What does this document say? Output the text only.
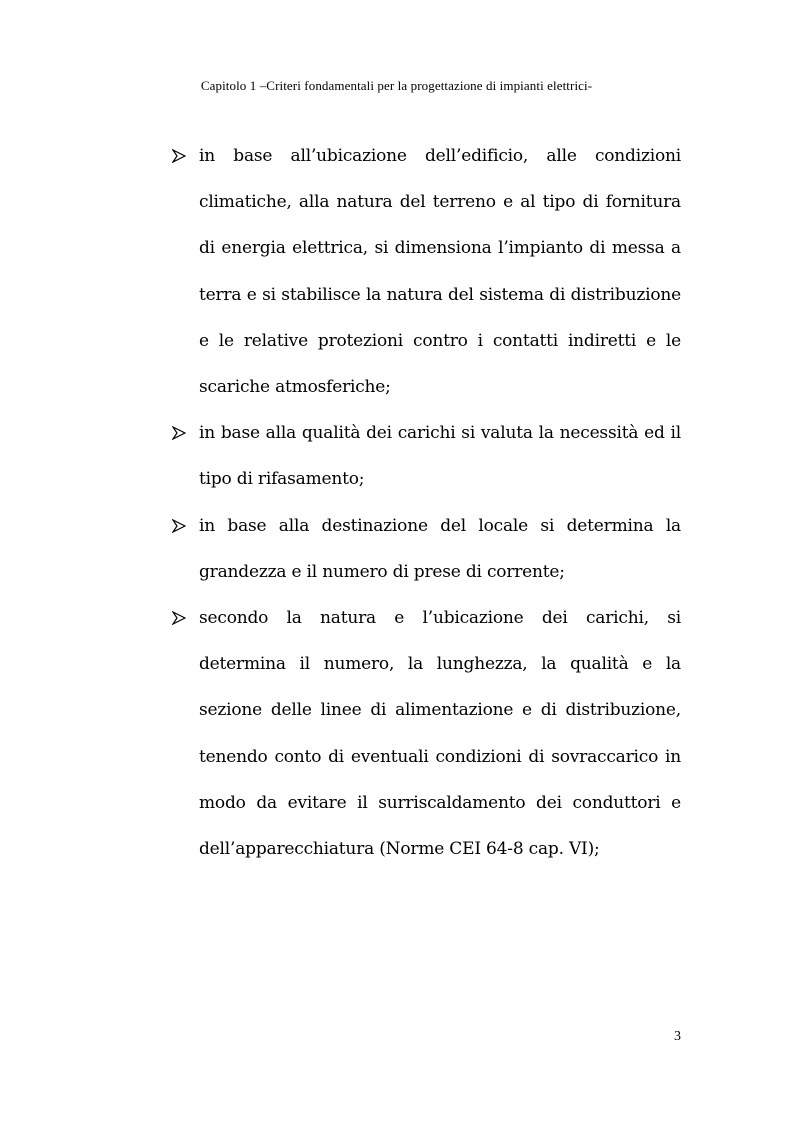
Capitolo 1 –Criteri fondamentali per la progettazione di impianti elettrici-
in base all’ubicazione dell’edificio, alle condizioni climatiche, alla natura del terreno e al tipo di fornitura di energia elettrica, si dimensiona l’impianto di messa a terra e si stabilisce la natura del sistema di distribuzione e le relative protezioni contro i contatti indiretti e le scariche atmosferiche;
in base alla qualità dei carichi si valuta la necessità ed il tipo di rifasamento;
in base alla destinazione del locale si determina la grandezza e il numero di prese di corrente;
secondo la natura e l’ubicazione dei carichi, si determina il numero, la lunghezza, la qualità e la sezione delle linee di alimentazione e di distribuzione, tenendo conto di eventuali condizioni di sovraccarico in modo da evitare il surriscaldamento dei conduttori e dell’apparecchiatura (Norme CEI 64-8 cap. VI);
3
